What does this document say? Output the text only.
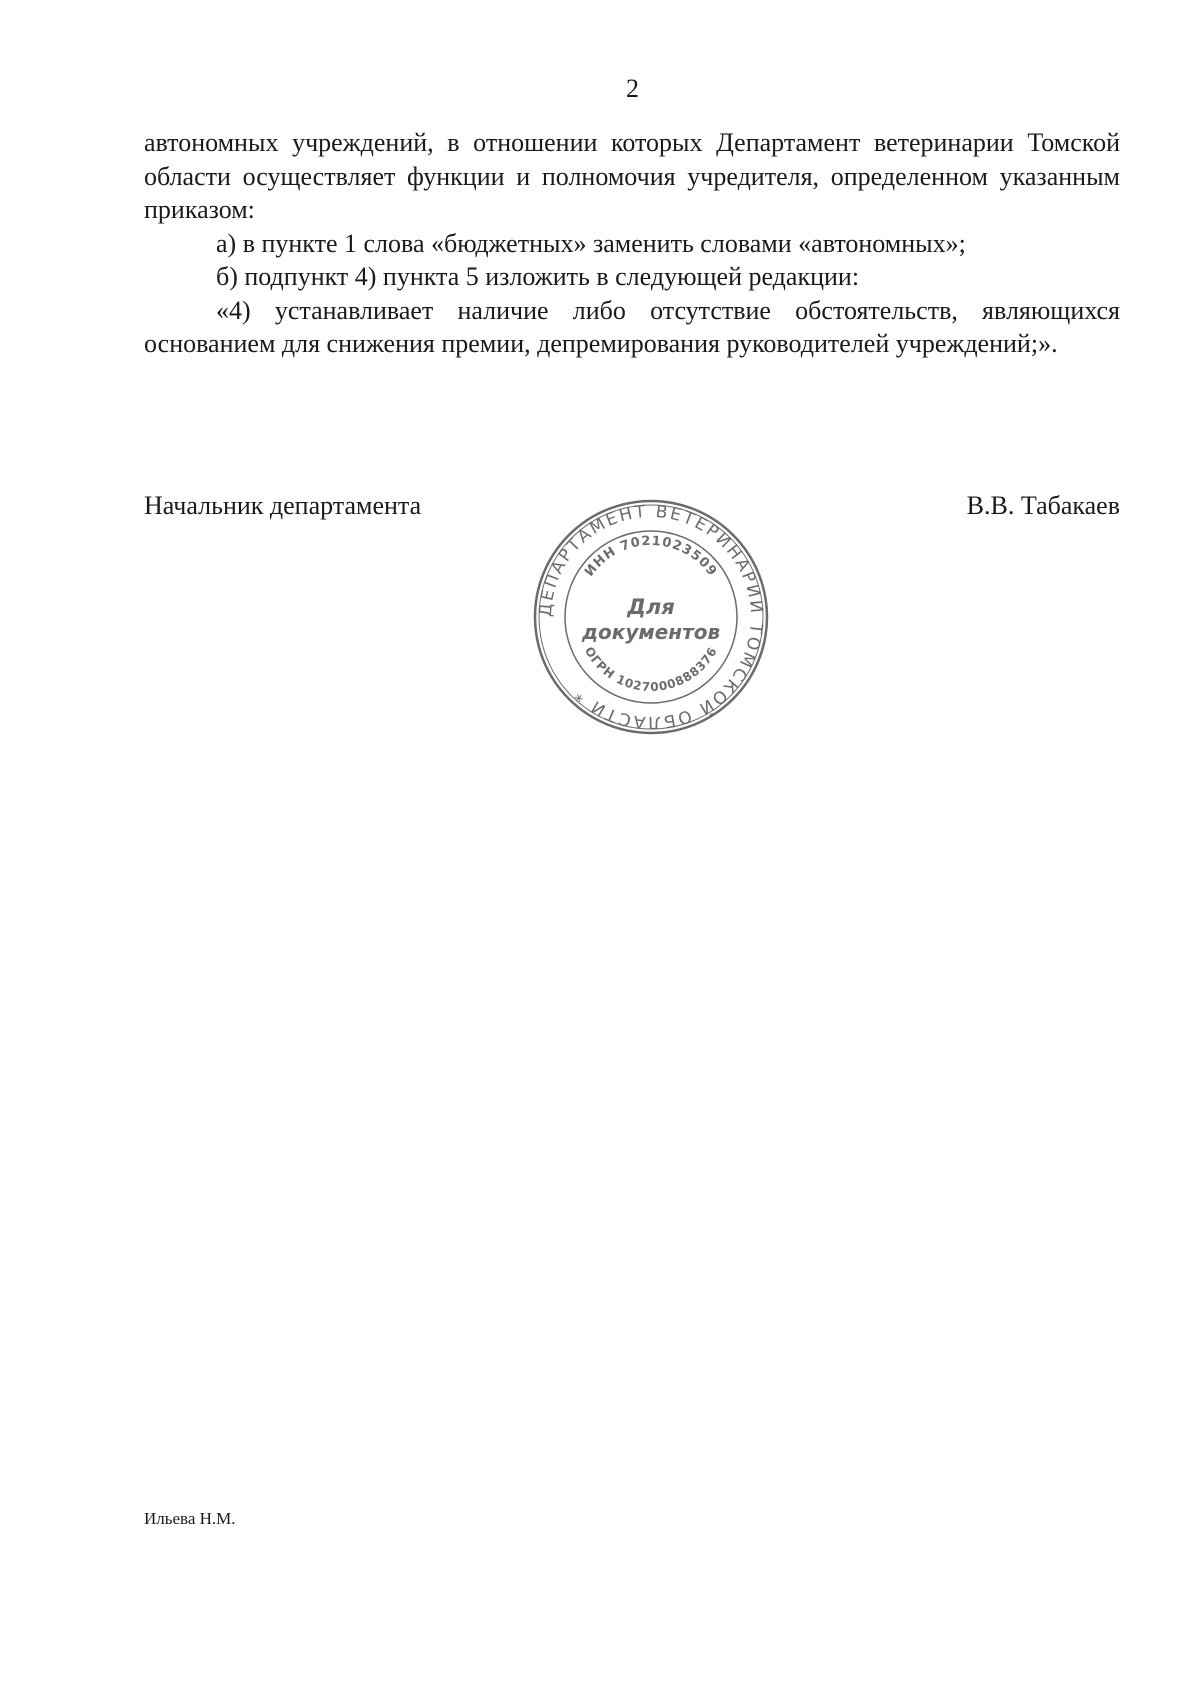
2

автономных учреждений, в отношении которых Департамент ветеринарии Томской области осуществляет функции и полномочия учредителя, определенном указанным приказом:

а) в пункте 1 слова «бюджетных» заменить словами «автономных»;

б) подпункт 4) пункта 5 изложить в следующей редакции:

«4) устанавливает наличие либо отсутствие обстоятельств, являющихся основанием для снижения премии, депремирования руководителей учреждений;».

Начальник департамента
ДЕПАРТАМЕНТ ВЕТЕРИНАРИИ ТОМСКОЙ ОБЛАСТИ *
ИНН 7021023509
ОГРН 1027000888376
Для
документов
В.В. Табакаев
Ильева Н.М.
